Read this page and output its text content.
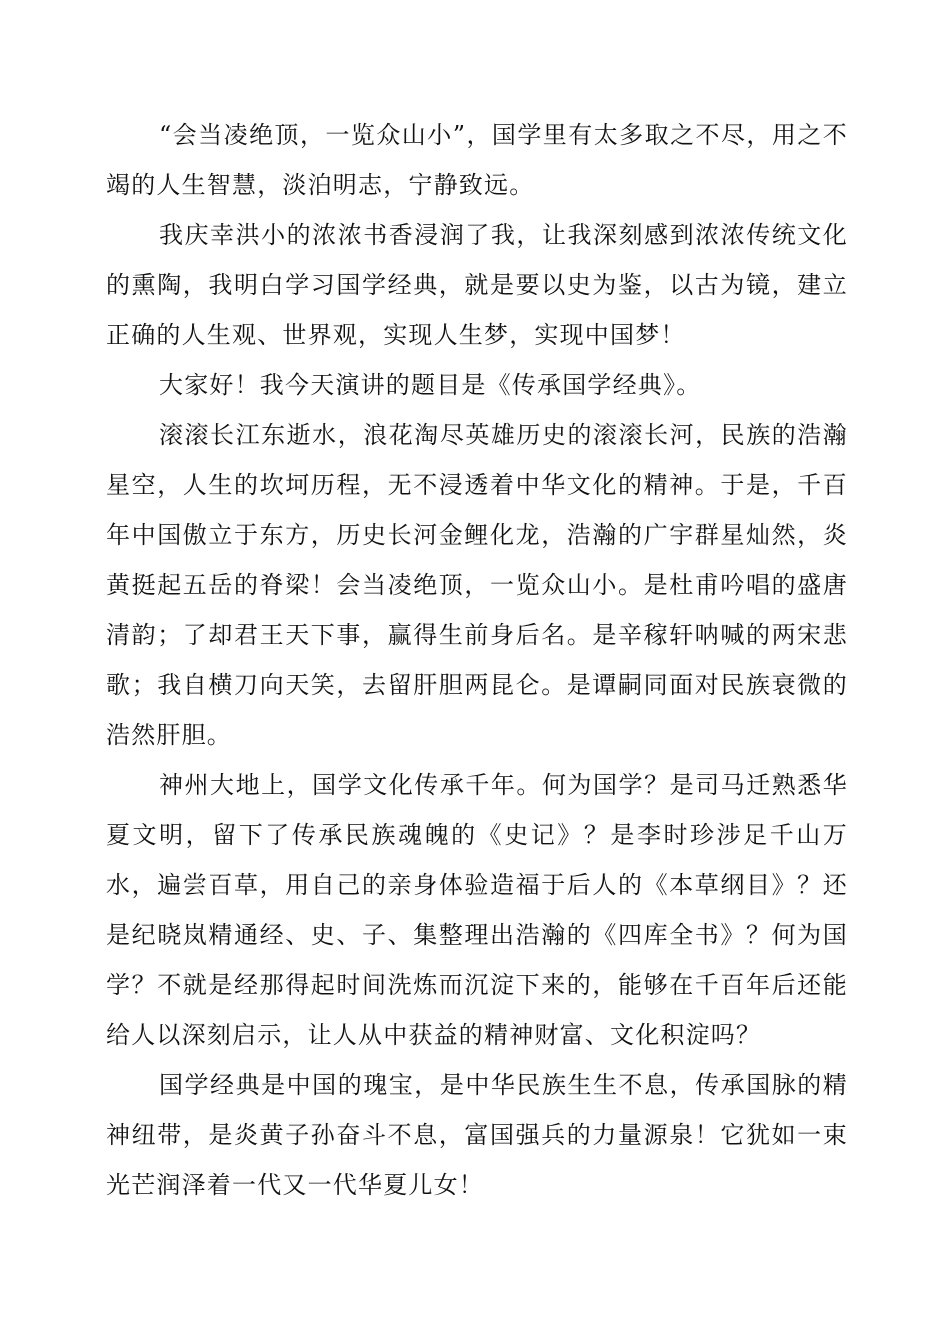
“会当凌绝顶，一览众山小”，国学里有太多取之不尽，用之不竭的人生智慧，淡泊明志，宁静致远。

我庆幸洪小的浓浓书香浸润了我，让我深刻感到浓浓传统文化的熏陶，我明白学习国学经典，就是要以史为鉴，以古为镜，建立正确的人生观、世界观，实现人生梦，实现中国梦！

大家好！我今天演讲的题目是《传承国学经典》。

滚滚长江东逝水，浪花淘尽英雄历史的滚滚长河，民族的浩瀚星空，人生的坎坷历程，无不浸透着中华文化的精神。于是，千百年中国傲立于东方，历史长河金鲤化龙，浩瀚的广宇群星灿然，炎黄挺起五岳的脊梁！会当凌绝顶，一览众山小。是杜甫吟唱的盛唐清韵；了却君王天下事，赢得生前身后名。是辛稼轩呐喊的两宋悲歌；我自横刀向天笑，去留肝胆两昆仑。是谭嗣同面对民族衰微的浩然肝胆。

神州大地上，国学文化传承千年。何为国学？是司马迁熟悉华夏文明，留下了传承民族魂魄的《史记》？是李时珍涉足千山万水，遍尝百草，用自己的亲身体验造福于后人的《本草纲目》？还是纪晓岚精通经、史、子、集整理出浩瀚的《四库全书》？何为国学？不就是经那得起时间洗炼而沉淀下来的，能够在千百年后还能给人以深刻启示，让人从中获益的精神财富、文化积淀吗？

国学经典是中国的瑰宝，是中华民族生生不息，传承国脉的精神纽带，是炎黄子孙奋斗不息，富国强兵的力量源泉！它犹如一束光芒润泽着一代又一代华夏儿女！
